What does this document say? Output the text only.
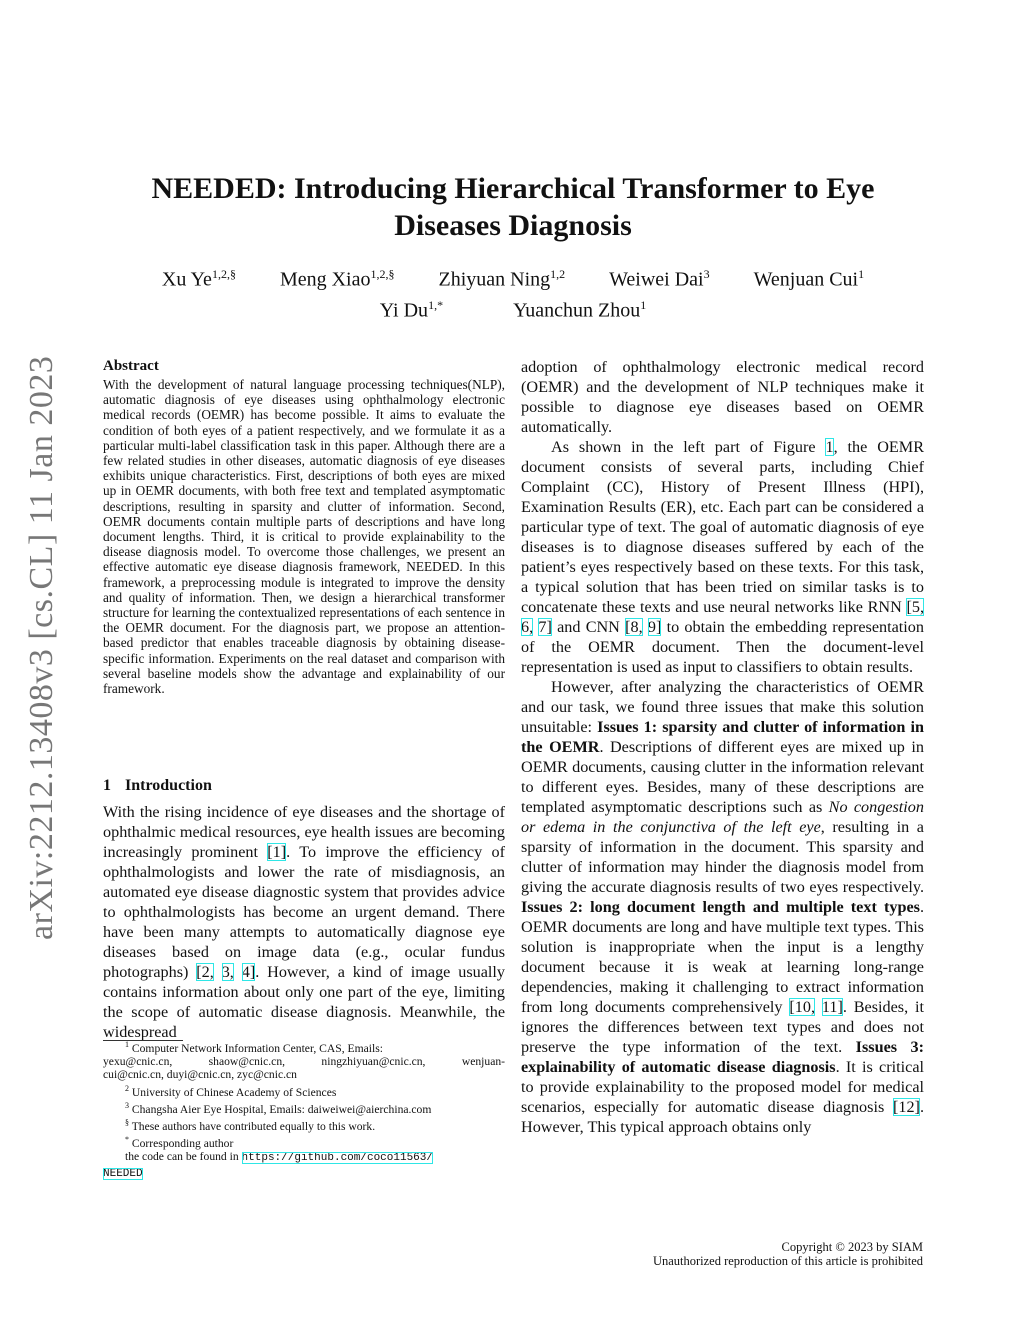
arXiv:2212.13408v3 [cs.CL] 11 Jan 2023
NEEDED: Introducing Hierarchical Transformer to Eye Diseases Diagnosis
Xu $Ye^{1,2,\S}$ Meng Xiao$^{1,2,\S}$ Zhiyuan Ning$^{1,2}$ Weiwei Dai$^3$ Wenjuan Cui$^1$
Yi $Du^{1,*}$	Yuanchun Zhou$^1$
Abstract

With the development of natural language processing techniques(NLP), automatic diagnosis of eye diseases using ophthalmology electronic medical records (OEMR) has become possible. It aims to evaluate the condition of both eyes of a patient respectively, and we formulate it as a particular multi-label classification task in this paper. Although there are a few related studies in other diseases, automatic diagnosis of eye diseases exhibits unique characteristics. First, descriptions of both eyes are mixed up in OEMR documents, with both free text and templated asymptomatic descriptions, resulting in sparsity and clutter of information. Second, OEMR documents contain multiple parts of descriptions and have long document lengths. Third, it is critical to provide explainability to the disease diagnosis model. To overcome those challenges, we present an effective automatic eye disease diagnosis framework, NEEDED. In this framework, a preprocessing module is integrated to improve the density and quality of information. Then, we design a hierarchical transformer structure for learning the contextualized representations of each sentence in the OEMR document. For the diagnosis part, we propose an attention-based predictor that enables traceable diagnosis by obtaining disease-specific information. Experiments on the real dataset and comparison with several baseline models show the advantage and explainability of our framework.

1 Introduction

With the rising incidence of eye diseases and the shortage of ophthalmic medical resources, eye health issues are becoming increasingly prominent [1]. To improve the efficiency of ophthalmologists and lower the rate of misdiagnosis, an automated eye disease diagnostic system that provides advice to ophthalmologists has become an urgent demand. There have been many attempts to automatically diagnose eye diseases based on image data (e.g., ocular fundus photographs) [2, 3, 4]. However, a kind of image usually contains information about only one part of the eye, limiting the scope of automatic disease diagnosis. Meanwhile, the widespread

$^1$ Computer Network Information Center, CAS, Emails:

yexu@cnic.cn, shaow@cnic.cn, ningzhiyuan@cnic.cn, wenjuan-

cui@cnic.cn, duyi@cnic.cn, zyc@cnic.cn

$^2$ University of Chinese Academy of Sciences

$^3$ Changsha Aier Eye Hospital, Emails: daiweiwei@aierchina.com

§ These authors have contributed equally to this work.

* Corresponding author

the code can be found in https://github.com/coco11563/

NEEDED

adoption of ophthalmology electronic medical record (OEMR) and the development of NLP techniques make it possible to diagnose eye diseases based on OEMR automatically.

As shown in the left part of Figure 1, the OEMR document consists of several parts, including Chief Complaint (CC), History of Present Illness (HPI), Examination Results (ER), etc. Each part can be considered a particular type of text. The goal of automatic diagnosis of eye diseases is to diagnose diseases suffered by each of the patient’s eyes respectively based on these texts. For this task, a typical solution that has been tried on similar tasks is to concatenate these texts and use neural networks like RNN [5, 6, 7] and CNN [8, 9] to obtain the embedding representation of the OEMR document. Then the document-level representation is used as input to classifiers to obtain results.

However, after analyzing the characteristics of OEMR and our task, we found three issues that make this solution unsuitable: Issues 1: sparsity and clutter of information in the OEMR. Descriptions of different eyes are mixed up in OEMR documents, causing clutter in the information relevant to different eyes. Besides, many of these descriptions are templated asymptomatic descriptions such as No congestion or edema in the conjunctiva of the left eye, resulting in a sparsity of information in the document. This sparsity and clutter of information may hinder the diagnosis model from giving the accurate diagnosis results of two eyes respectively. Issues 2: long document length and multiple text types. OEMR documents are long and have multiple text types. This solution is inappropriate when the input is a lengthy document because it is weak at learning long-range dependencies, making it challenging to extract information from long documents comprehensively [10, 11]. Besides, it ignores the differences between text types and does not preserve the type information of the text. Issues 3: explainability of automatic disease diagnosis. It is critical to provide explainability to the proposed model for medical scenarios, especially for automatic disease diagnosis [12]. However, This typical approach obtains only

Copyright © 2023 by SIAM
Unauthorized reproduction of this article is prohibited
